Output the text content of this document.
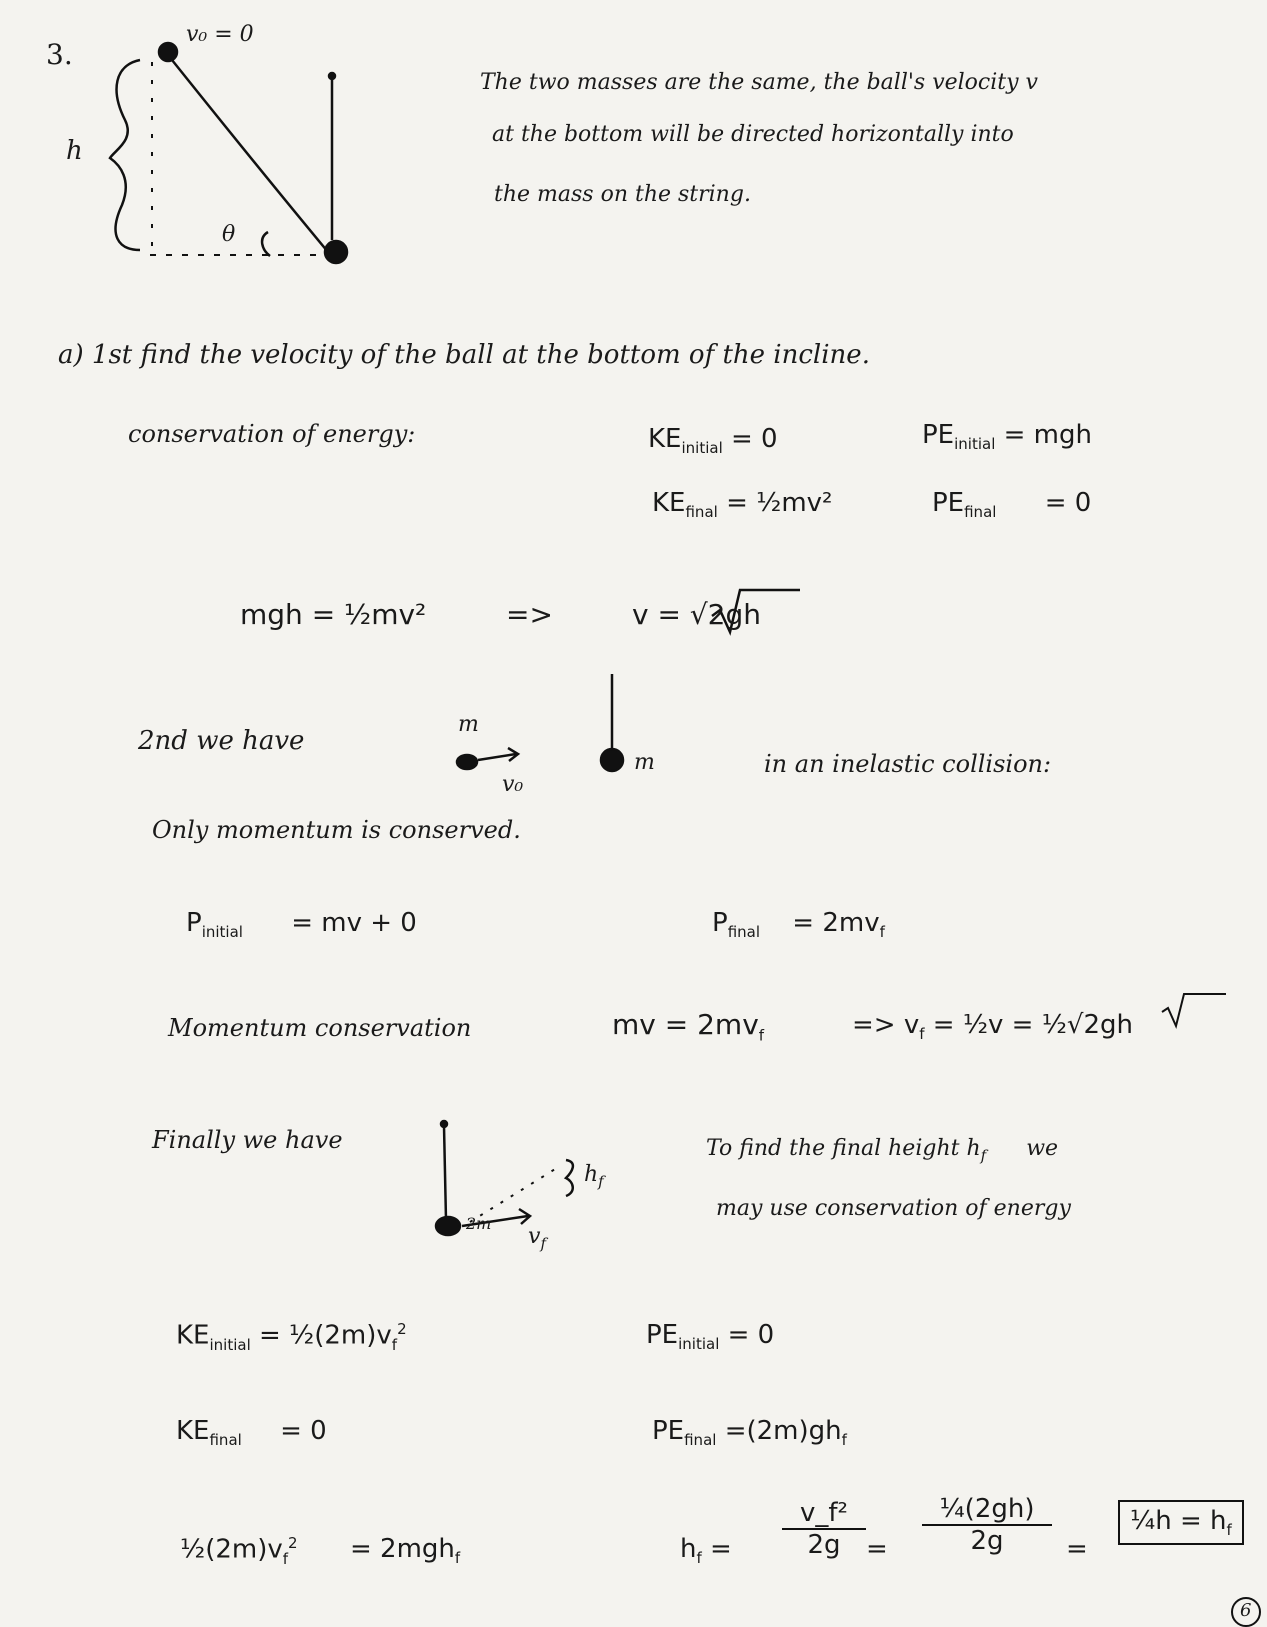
3.
v₀ = 0
h
θ
The two masses are the same, the ball's velocity v
at the bottom will be directed horizontally into
the mass on the string.
a) 1st find the velocity of the ball at the bottom of the incline.
conservation of energy:	$KE_{initial} = 0$	$PE_{initial}$ = mgh
$KE_{final}$ = ½mv²	$PE_{final} = 0$
mgh = ½mv²	=>	v = √2gh
2nd we have
m
v₀
m	in an inelastic collision:
Only momentum is conserved.
$P_{initial}$ = mv + 0	$P_{final} = 2mv_f$
Momentum conservation	mv = $2mv_f$	=> $v_f$ = ½v = ½√2gh
Finally we have
2m
$v_f$
$h_f$
To find the final height $h_f$ we
may use conservation of energy
$KE_{initial}$ = $\frac{1}{2}(2m)v_f^2$	$PE_{initial} = 0$
$KE_{final} = 0$	$PE_{final} =(2m)gh_f$
$\frac{1}{2}(2m)v_f^2 = 2mgh_f$	$h_f = \frac{\text{v\_f²}}{2g} = \frac{\text{¼(2gh)}}{2g}$ =
¼h = $h_f$
6
